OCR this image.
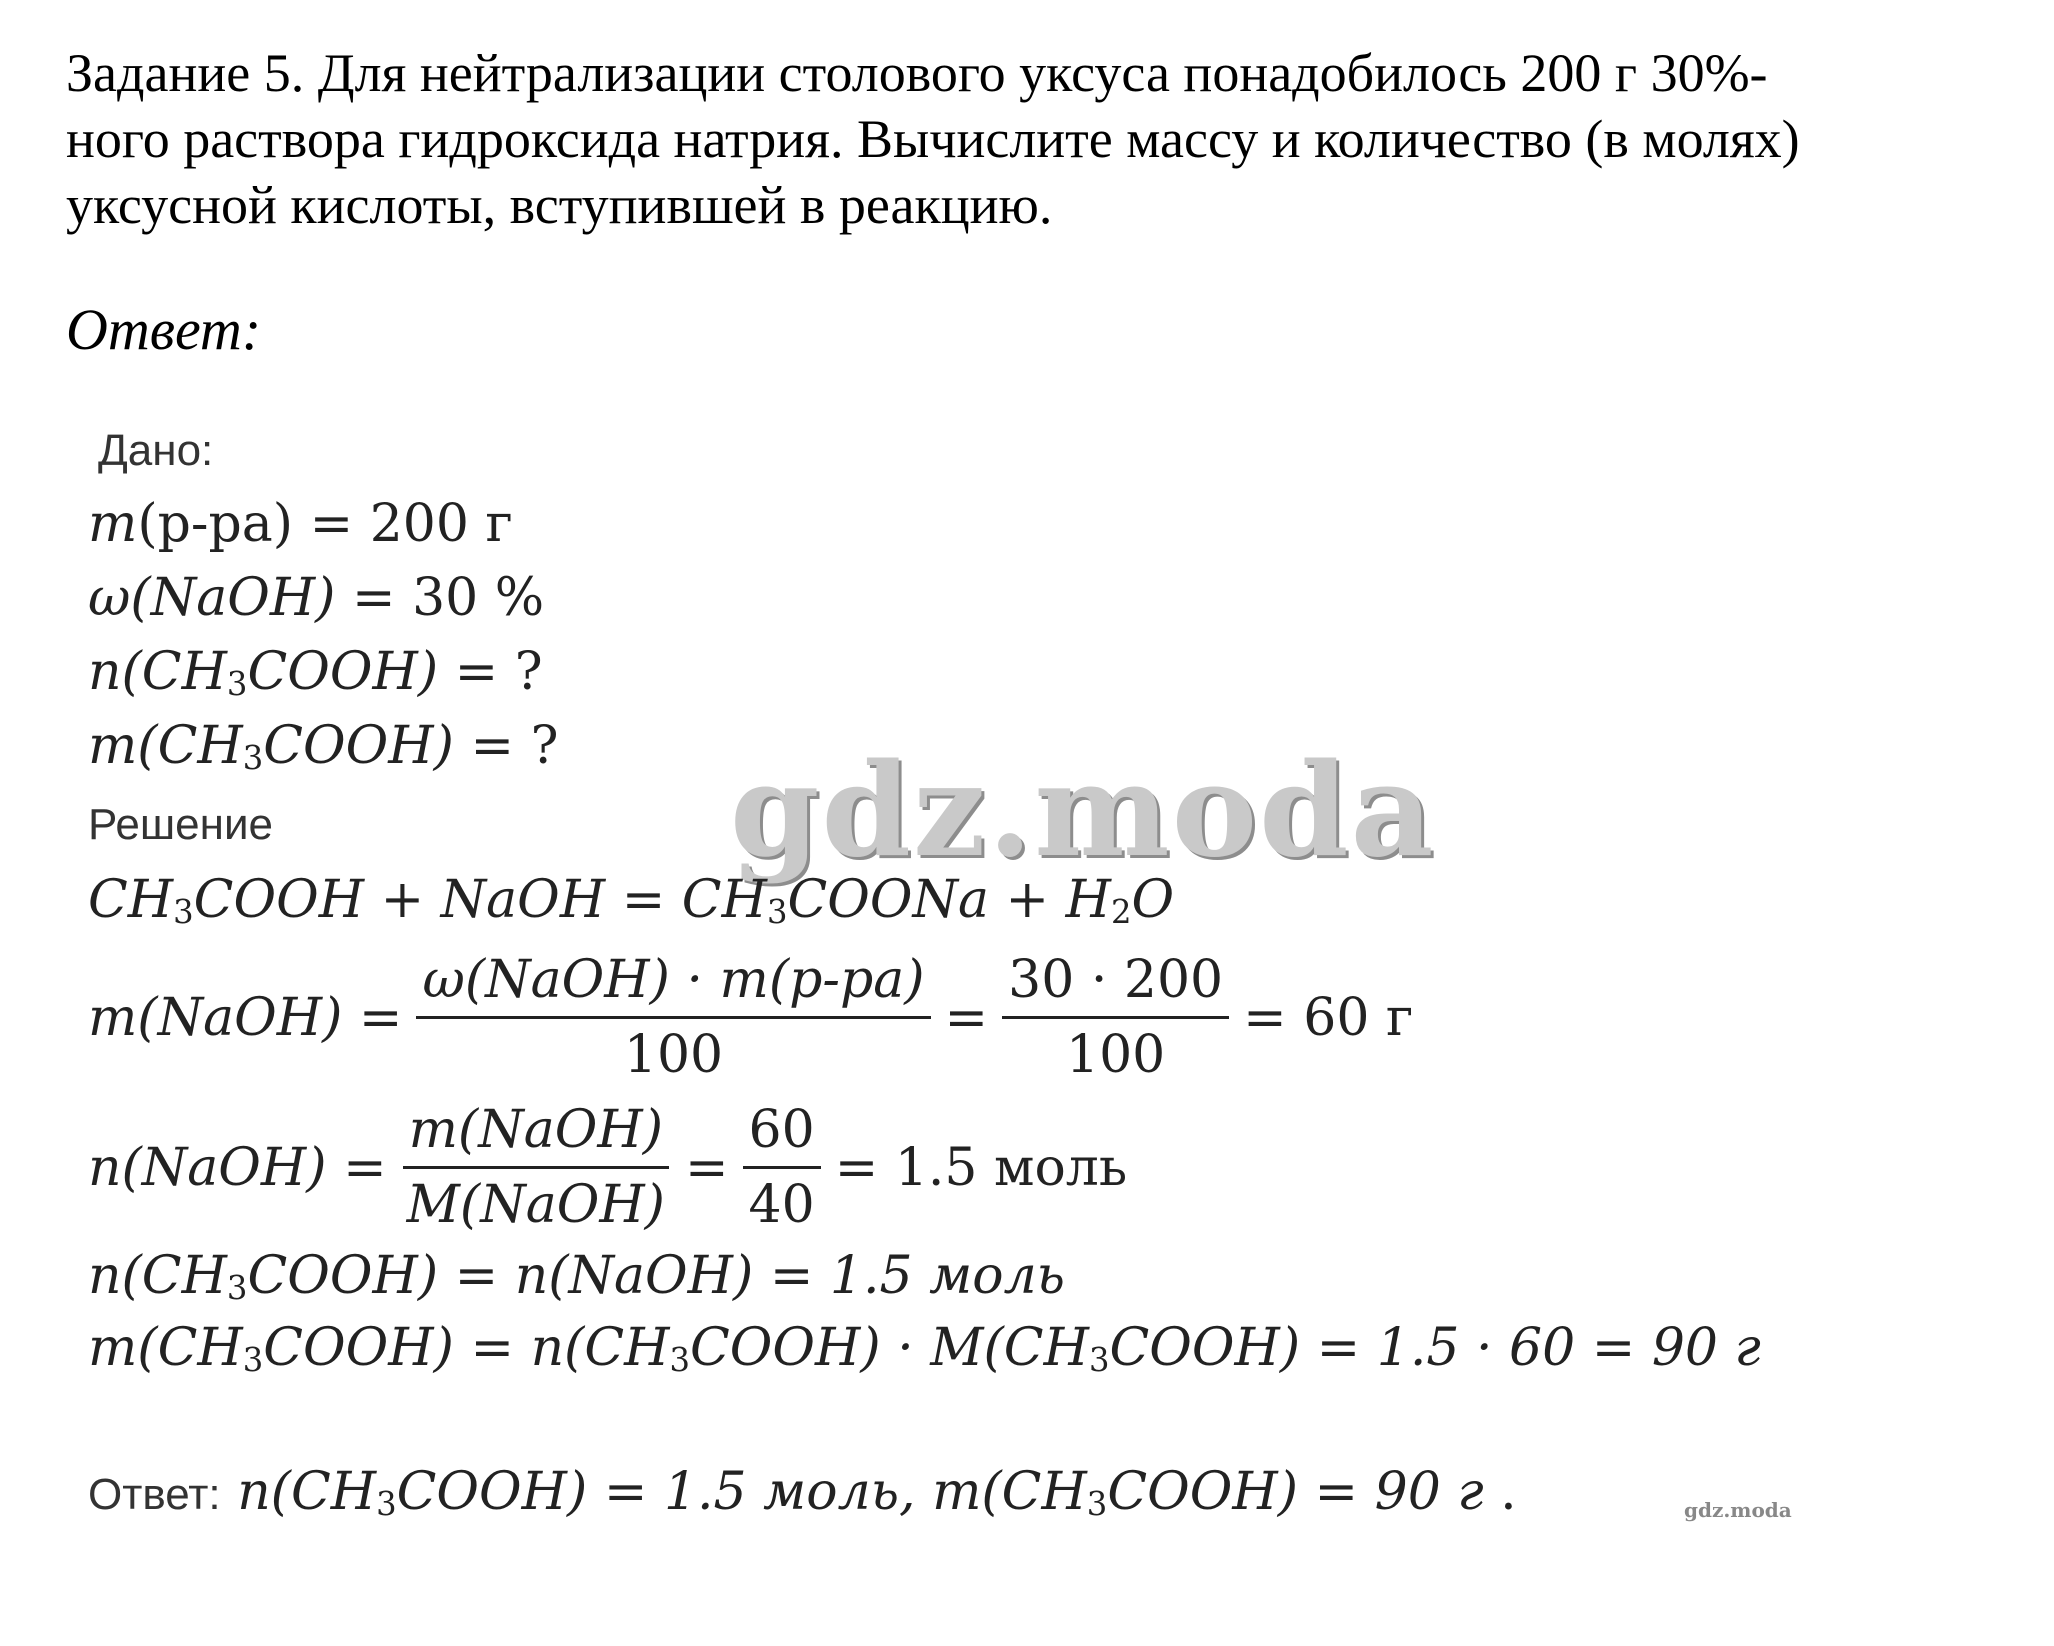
Задание 5. Для нейтрализации столового уксуса понадобилось 200 г 30%-
ного раствора гидроксида натрия. Вычислите массу и количество (в молях)
уксусной кислоты, вступившей в реакцию.
Ответ:
Дано:
m(р-ра) = 200 г
ω(NaOH) = 30 %
$n(CH_3COOH)$ = ?
$m(CH_3COOH)$ = ? gdz.moda
Решение
$CH_3COOH$ + NaOH = $CH_3COONa + H_2O$
m(NaOH) = $\frac{\text{ω(NaOH) · m(р-ра)}}{100} = \frac{30 \cdot 200}{100} = 60$ г
n(NaOH) = $\frac{\text{m(NaOH)}}{\text{M(NaOH)}} = \frac{60}{40} = 1.5$ моль
$n(CH_3COOH)$ = n(NaOH) = 1.5 моль
$m(CH_3COOH)$ = $n(CH_3COOH)$ · $M(CH_3COOH) = 1.5 \cdot 60 = 90$ г
Ответ: $n(CH_3COOH) = 1.5$ моль, $m(CH_3COOH) = 90$ г .	gdz.moda
